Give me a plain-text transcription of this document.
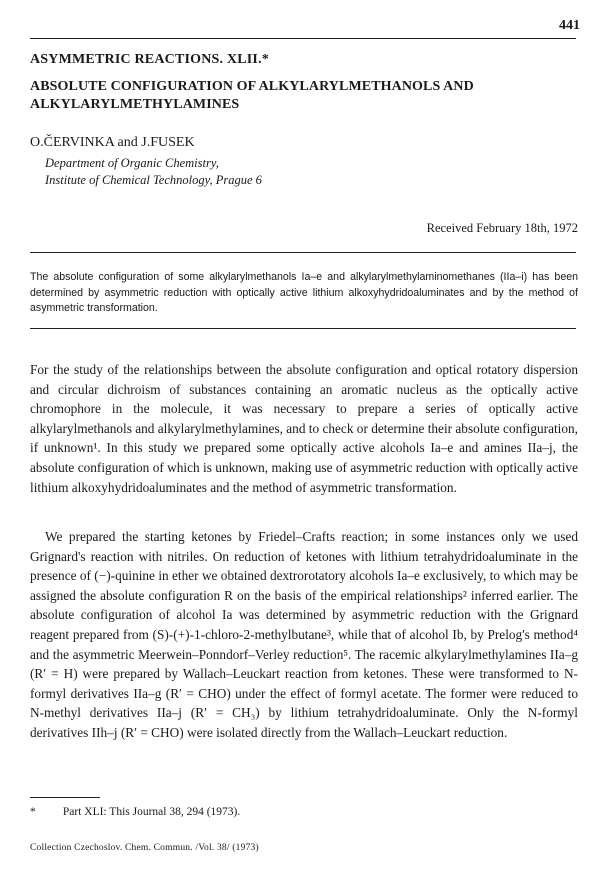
441
ASYMMETRIC REACTIONS. XLII.*
ABSOLUTE CONFIGURATION OF ALKYLARYLMETHANOLS AND ALKYLARYLMETHYLAMINES
O.ČERVINKA and J.FUSEK
Department of Organic Chemistry,
Institute of Chemical Technology, Prague 6
Received February 18th, 1972
The absolute configuration of some alkylarylmethanols Ia–e and alkylarylmethylaminomethanes (IIa–i) has been determined by asymmetric reduction with optically active lithium alkoxyhydridoaluminates and by the method of asymmetric transformation.

For the study of the relationships between the absolute configuration and optical rotatory dispersion and circular dichroism of substances containing an aromatic nucleus as the optically active chromophore in the molecule, it was necessary to prepare a series of optically active alkylarylmethanols and alkylarylmethylamines, and to check or determine their absolute configuration, if unknown¹. In this study we prepared some optically active alcohols Ia–e and amines IIa–j, the absolute configuration of which is unknown, making use of asymmetric reduction with optically active lithium alkoxyhydridoaluminates and the method of asymmetric transformation.

We prepared the starting ketones by Friedel–Crafts reaction; in some instances only we used Grignard's reaction with nitriles. On reduction of ketones with lithium tetrahydridoaluminate in the presence of (−)-quinine in ether we obtained dextrorotatory alcohols Ia–e exclusively, to which may be assigned the absolute configuration R on the basis of the empirical relationships² inferred earlier. The absolute configuration of alcohol Ia was determined by asymmetric reduction with the Grignard reagent prepared from (S)-(+)-1-chloro-2-methylbutane³, while that of alcohol Ib, by Prelog's method⁴ and the asymmetric Meerwein–Ponndorf–Verley reduction⁵. The racemic alkylarylmethylamines IIa–g (R′ = H) were prepared by Wallach–Leuckart reaction from ketones. These were transformed to N-formyl derivatives IIa–g (R′ = CHO) under the effect of formyl acetate. The former were reduced to N-methyl derivatives IIa–j (R′ = CH₃) by lithium tetrahydridoaluminate. Only the N-formyl derivatives IIh–j (R′ = CHO) were isolated directly from the Wallach–Leuckart reduction.

* Part XLI: This Journal 38, 294 (1973).
Collection Czechoslov. Chem. Commun. /Vol. 38/ (1973)
